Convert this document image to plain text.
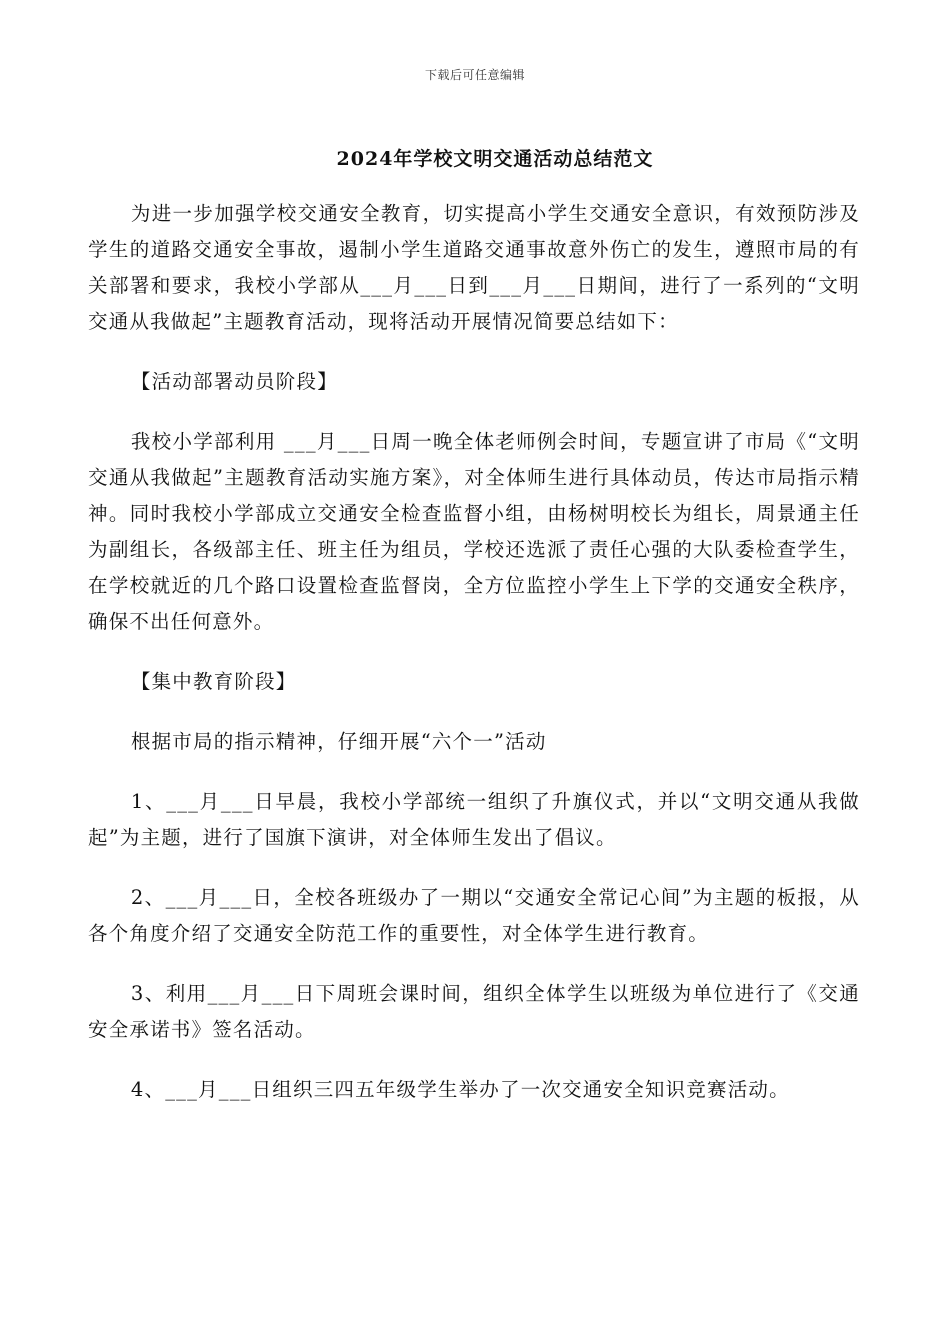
下载后可任意编辑
2024年学校文明交通活动总结范文

为进一步加强学校交通安全教育，切实提高小学生交通安全意识，有效预防涉及学生的道路交通安全事故，遏制小学生道路交通事故意外伤亡的发生，遵照市局的有关部署和要求，我校小学部从___月___日到___月___日期间，进行了一系列的“文明交通从我做起”主题教育活动，现将活动开展情况简要总结如下：

【活动部署动员阶段】

我校小学部利用 ___月___日周一晚全体老师例会时间，专题宣讲了市局《“文明交通从我做起”主题教育活动实施方案》，对全体师生进行具体动员，传达市局指示精神。同时我校小学部成立交通安全检查监督小组，由杨树明校长为组长，周景通主任为副组长，各级部主任、班主任为组员，学校还选派了责任心强的大队委检查学生，在学校就近的几个路口设置检查监督岗，全方位监控小学生上下学的交通安全秩序，确保不出任何意外。

【集中教育阶段】

根据市局的指示精神，仔细开展“六个一”活动

1、___月___日早晨，我校小学部统一组织了升旗仪式，并以“文明交通从我做起”为主题，进行了国旗下演讲，对全体师生发出了倡议。

2、___月___日，全校各班级办了一期以“交通安全常记心间”为主题的板报，从各个角度介绍了交通安全防范工作的重要性，对全体学生进行教育。

3、利用___月___日下周班会课时间，组织全体学生以班级为单位进行了《交通安全承诺书》签名活动。

4、___月___日组织三四五年级学生举办了一次交通安全知识竞赛活动。
